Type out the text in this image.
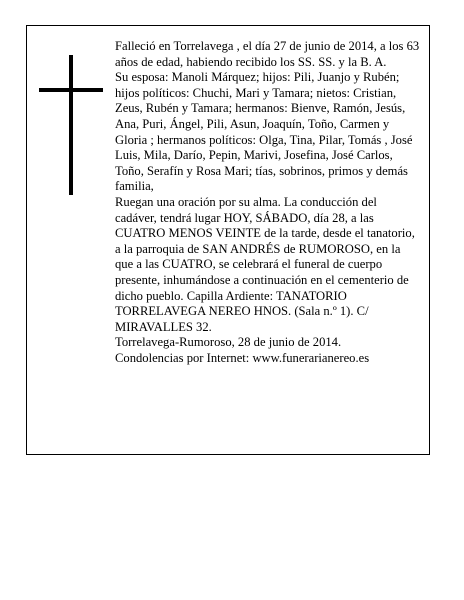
Falleció en Torrelavega , el día 27 de junio de 2014, a los 63 años de edad, habiendo recibido los SS. SS. y la B. A.

Su esposa: Manoli Márquez; hijos: Pili, Juanjo y Rubén; hijos políticos: Chuchi, Mari y Tamara; nietos: Cristian, Zeus, Rubén y Tamara; hermanos: Bienve, Ramón, Jesús, Ana, Puri, Ángel, Pili, Asun, Joaquín, Toño, Carmen y Gloria ; hermanos políticos: Olga, Tina, Pilar, Tomás , José Luis, Mila, Darío, Pepin, Marivi, Josefina, José Carlos, Toño, Serafín y Rosa Mari; tías, sobrinos, primos y demás familia,

Ruegan una oración por su alma. La conducción del cadáver, tendrá lugar HOY, SÁBADO, día 28, a las CUATRO MENOS VEINTE de la tarde, desde el tanatorio, a la parroquia de SAN ANDRÉS de RUMOROSO, en la que a las CUATRO, se celebrará el funeral de cuerpo presente, inhumándose a continuación en el cementerio de dicho pueblo. Capilla Ardiente: TANATORIO TORRELAVEGA NEREO HNOS. (Sala n.º 1). C/ MIRAVALLES 32.

Torrelavega-Rumoroso, 28 de junio de 2014.

Condolencias por Internet: www.funerarianereo.es
